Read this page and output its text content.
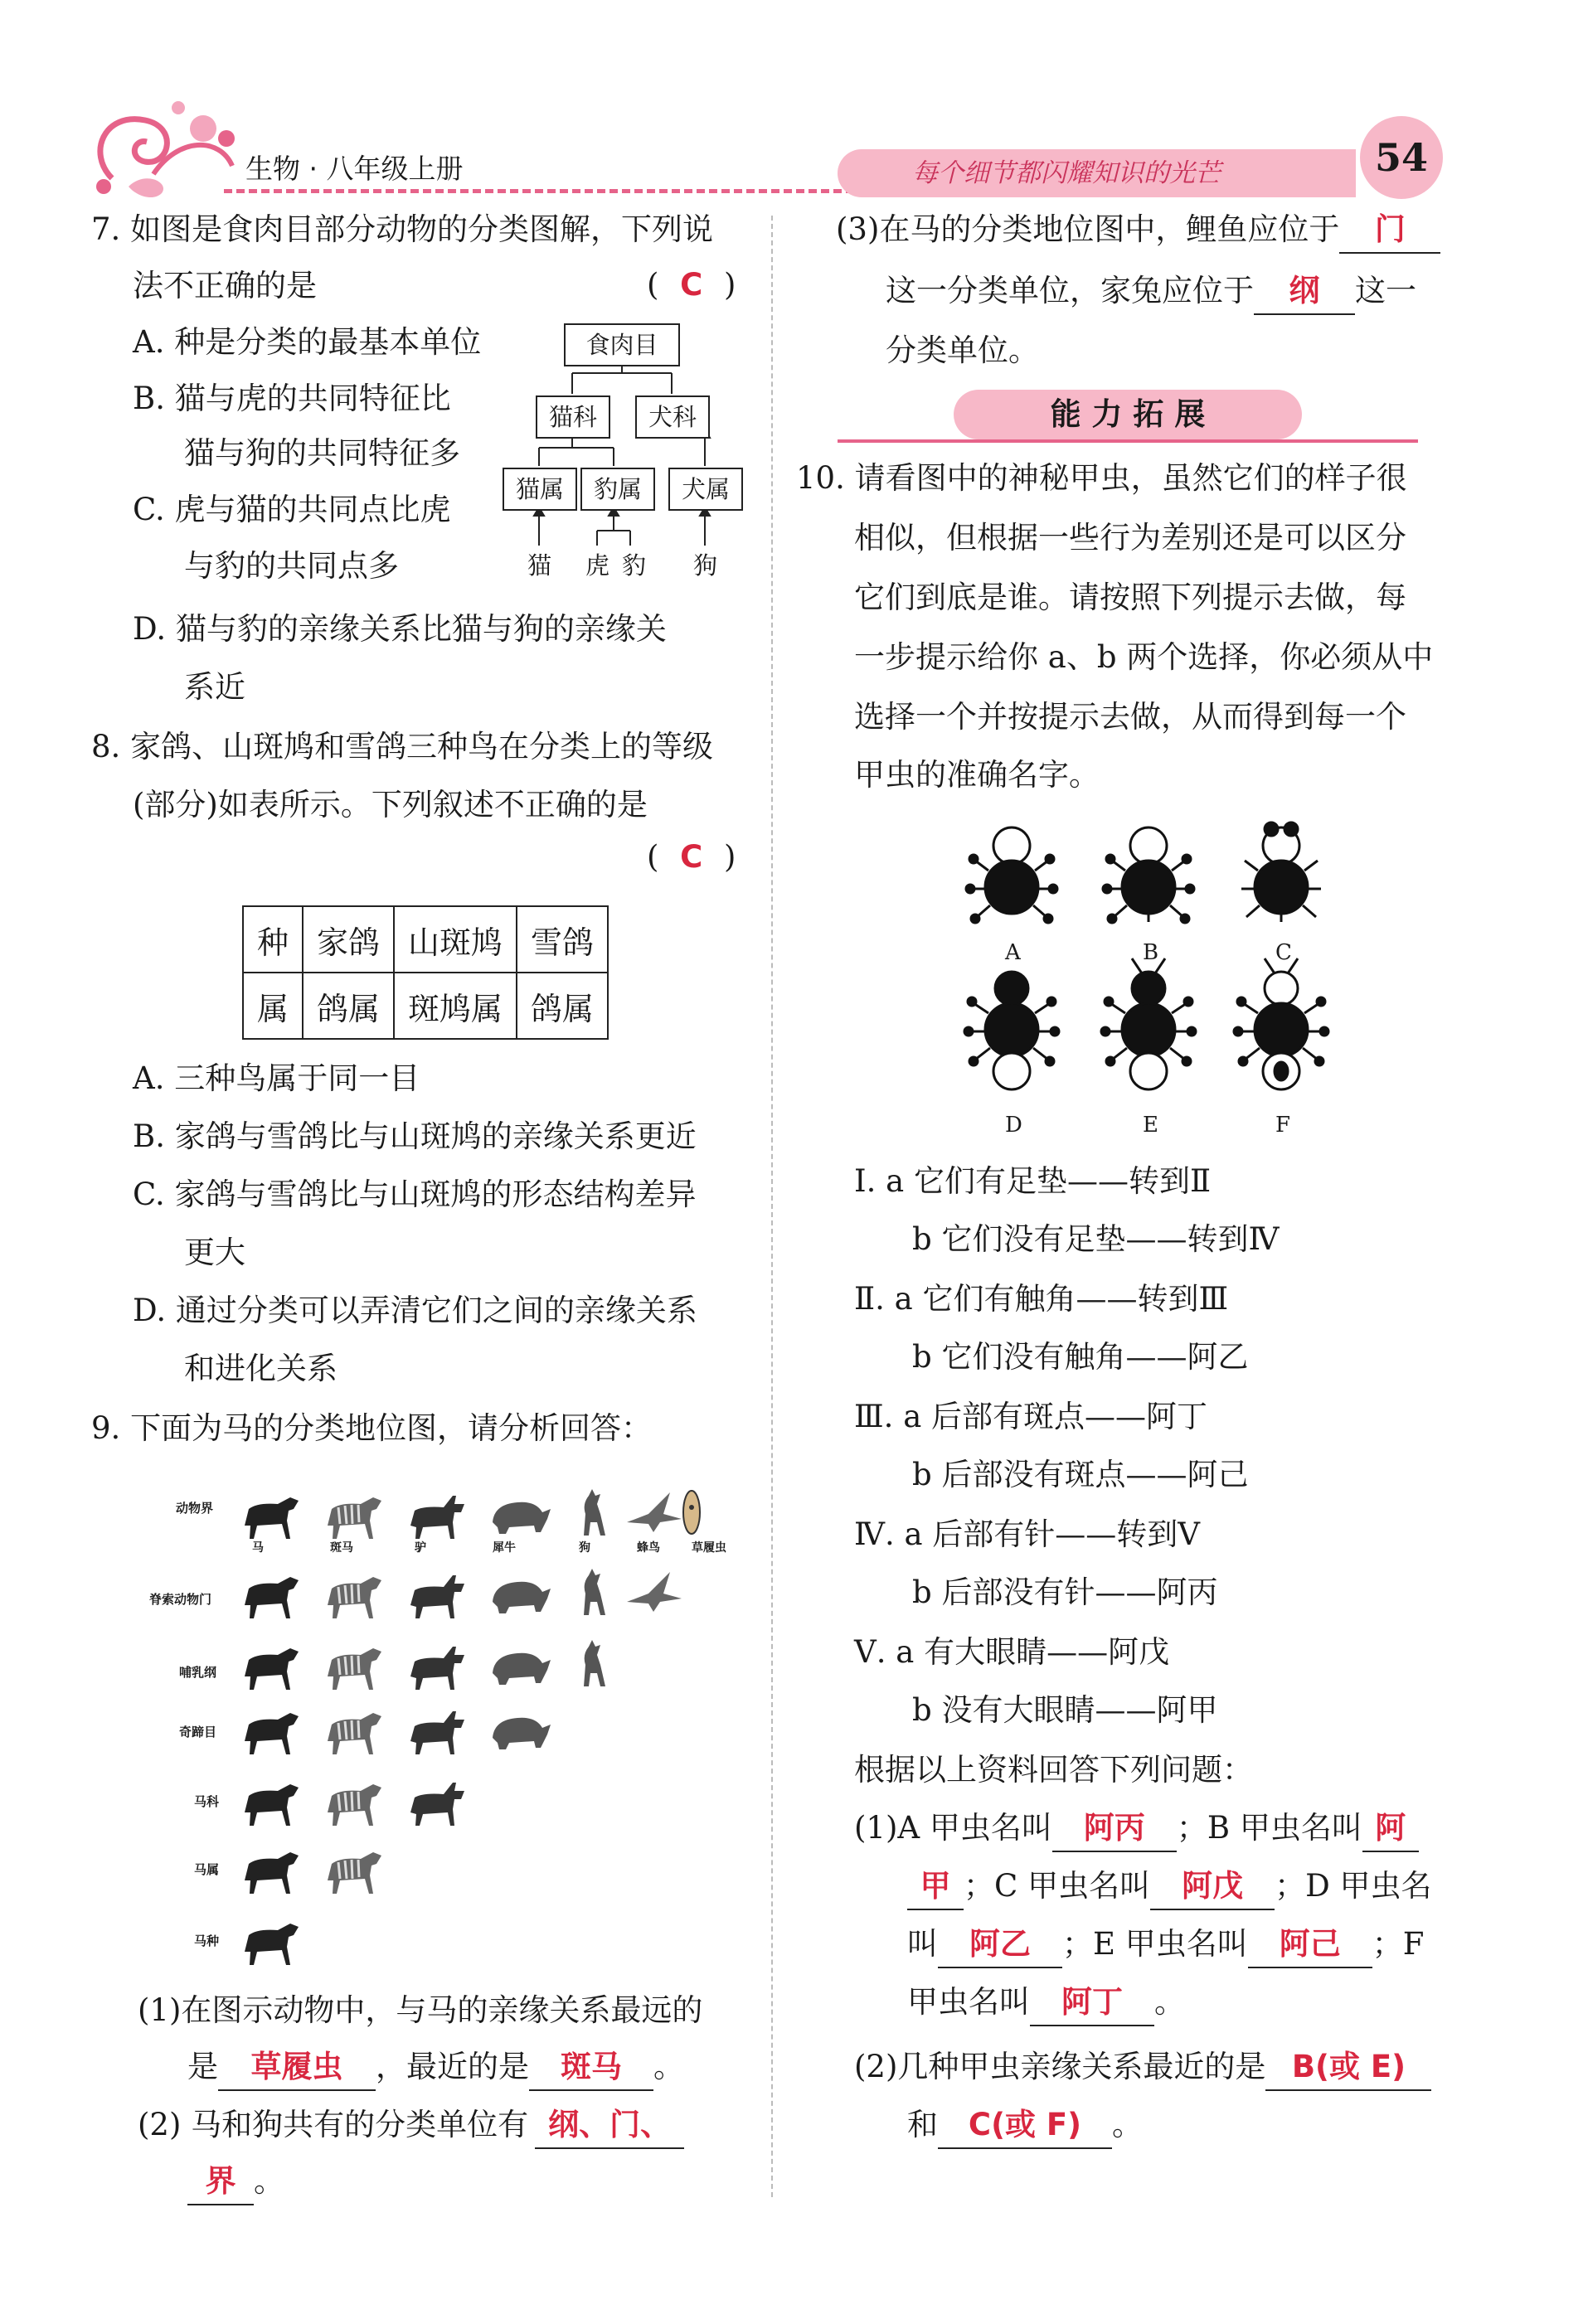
生物 · 八年级上册	每个细节都闪耀知识的光芒	54
7. 如图是食肉目部分动物的分类图解，下列说
法不正确的是	( C )
A. 种是分类的最基本单位
B. 猫与虎的共同特征比
猫与狗的共同特征多
C. 虎与猫的共同点比虎
与豹的共同点多
D. 猫与豹的亲缘关系比猫与狗的亲缘关
系近
食肉目
猫科	犬科
猫属	豹属	犬属
猫 虎 豹 狗
8. 家鸽、山斑鸠和雪鸽三种鸟在分类上的等级
(部分)如表所示。下列叙述不正确的是
( C )
种	家鸽	山斑鸠	雪鸽
属	鸽属	斑鸠属	鸽属
A. 三种鸟属于同一目
B. 家鸽与雪鸽比与山斑鸠的亲缘关系更近
C. 家鸽与雪鸽比与山斑鸠的形态结构差异
更大
D. 通过分类可以弄清它们之间的亲缘关系
和进化关系
9. 下面为马的分类地位图，请分析回答：
动物界
脊索动物门
哺乳纲
奇蹄目
马科
马属
马种
马	斑马	驴	犀牛	狗	蜂鸟	草履虫
(1)在图示动物中，与马的亲缘关系最远的
是 草履虫 ，最近的是 斑马 。
(2) 马和狗共有的分类单位有 纲、门、
界 。
(3)在马的分类地位图中，鲤鱼应位于 门
这一分类单位，家兔应位于 纲 这一
分类单位。
能 力 拓 展
10. 请看图中的神秘甲虫，虽然它们的样子很
相似，但根据一些行为差别还是可以区分
它们到底是谁。请按照下列提示去做，每
一步提示给你 a、b 两个选择，你必须从中
选择一个并按提示去做，从而得到每一个
甲虫的准确名字。
A	B	C
D	E	F
Ⅰ. a 它们有足垫——转到Ⅱ
b 它们没有足垫——转到Ⅳ
Ⅱ. a 它们有触角——转到Ⅲ
b 它们没有触角——阿乙
Ⅲ. a 后部有斑点——阿丁
b 后部没有斑点——阿己
Ⅳ. a 后部有针——转到Ⅴ
b 后部没有针——阿丙
Ⅴ. a 有大眼睛——阿戊
b 没有大眼睛——阿甲
根据以上资料回答下列问题：
(1)A 甲虫名叫 阿丙 ；B 甲虫名叫 阿
甲 ；C 甲虫名叫 阿戊 ；D 甲虫名
叫 阿乙 ；E 甲虫名叫 阿己 ；F
甲虫名叫 阿丁 。
(2)几种甲虫亲缘关系最近的是 B(或 E)
和 C(或 F) 。
